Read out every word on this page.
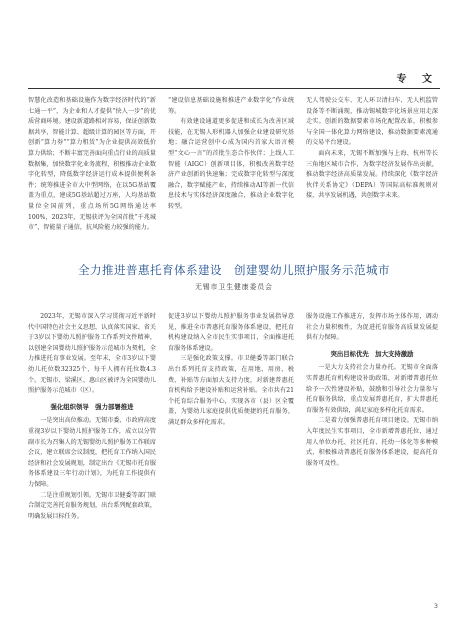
专 文

智慧化改造和基础设施作为数字经济时代的“新七通一平”，为企业和人才提供“快人一步”的优质营商环境。建设新道路相对容易，保证创新数据共享，智能计算、超级计算的园区等方面，开创新“算力券”“算力租赁”为企业提供高效低价算力供给；不断丰富完善面向重点行业的高质量数据集，加快数字化业务流程，积极推动企业数字化转型，降低数字经济运行成本提供便利条件；统筹推进全市大中型网络，在以5G基站覆盖为重点，建成5G基站超过万座，人均基站数量位全国前列，重点场所5G网络通达率100%，2023年，无锡获评为全国首批“千兆城市”，智能量子通信，抗风险能力较强的能力。

“建设信息基础设施和推进产业数字化”作业统筹。

有效建设通道更多促进和成长为改善区域技能，在无锡人形机器人加强企业建设研究基地；融合运营创中心成为国内首家大语言模型“文心一言”的首批生态合作伙伴；上线人工智能（AIGC）创新项目体，积极改善数字经济产业创新的快速集；完成数字化转型与深度融合，数字赋能产业，持续推动AI等新一代信息技术与实体经济深度融合，推动企业数字化转型。

无人驾驶公交车、无人环卫清扫车、无人机监管设备等不断涌现，推动锡城数字化场景应用走深走实。创新的数据要素市场化配置改革，积极参与全国一体化算力网络建设，推动数据要素流通的交易平台建设。

面向未来，无锡不断加强与上海、杭州等长三角地区城市合作，为数字经济发展作出贡献，推动数字经济高质量发展。持续深化《数字经济伙伴关系协定》（DEPA）等国际高标准规则对接，共享发展机遇，共创数字未来。

全力推进普惠托育体系建设　创建婴幼儿照护服务示范城市
无锡市卫生健康委员会

2023年，无锡市深入学习贯彻习近平新时代中国特色社会主义思想，认真落实国家、省关于3岁以下婴幼儿照护服务工作系列文件精神，以创建全国婴幼儿照护服务示范城市为契机，全力推进托育事业发展。至年末，全市3岁以下婴幼儿托位数32325个，每千人拥有托位数4.3个。无锡市、梁溪区、惠山区被评为全国婴幼儿照护服务示范城市（区）。

强化组织领导　强力部署推进

一是突出高位推动。无锡市委、市政府高度重视3岁以下婴幼儿照护服务工作，成立以分管副市长为召集人的无锡婴幼儿照护服务工作联席会议，建立联席会议制度，把托育工作纳入国民经济和社会发展规划，制定出台《无锡市托育服务体系建设三年行动计划》，为托育工作提供有力保障。

二是注重规划引领。无锡市卫健委等部门联合制定完善托育服务规划，出台系列配套政策，明确发展目标任务。

促进3岁以下婴幼儿照护服务事业发展指导意见，推进全市普惠托育服务体系建设，把托育机构建设纳入全市民生实事项目，全面推进托育服务体系建设。

三是强化政策支撑。市卫健委等部门联合出台系列托育支持政策，在用地、用房、税费、补贴等方面加大支持力度，对新建普惠托育机构给予建设补贴和运营补贴。全市共有21个托育综合服务中心，实现各市（县）区全覆盖，为婴幼儿家庭提供优质便捷的托育服务，满足群众多样化需求。

服务设施工作推进方，发挥市场主体作用，调动社会力量积极性，为促进托育服务高质量发展提供有力保障。

突出目标优先　加大支持激励

一是大力支持社会力量办托。无锡市全面落实普惠托育机构建设补助政策，对新增普惠托位给予一次性建设补贴，鼓励和引导社会力量参与托育服务供给，重点发展普惠托育，扩大普惠托育服务有效供给，满足家庭多样化托育需求。

二是着力加强普惠托育项目建设。无锡市纳入年度民生实事项目，全市新增普惠托位，通过用人单位办托、社区托育、托幼一体化等多种模式，积极推动普惠托育服务体系建设，提高托育服务可及性。

3
